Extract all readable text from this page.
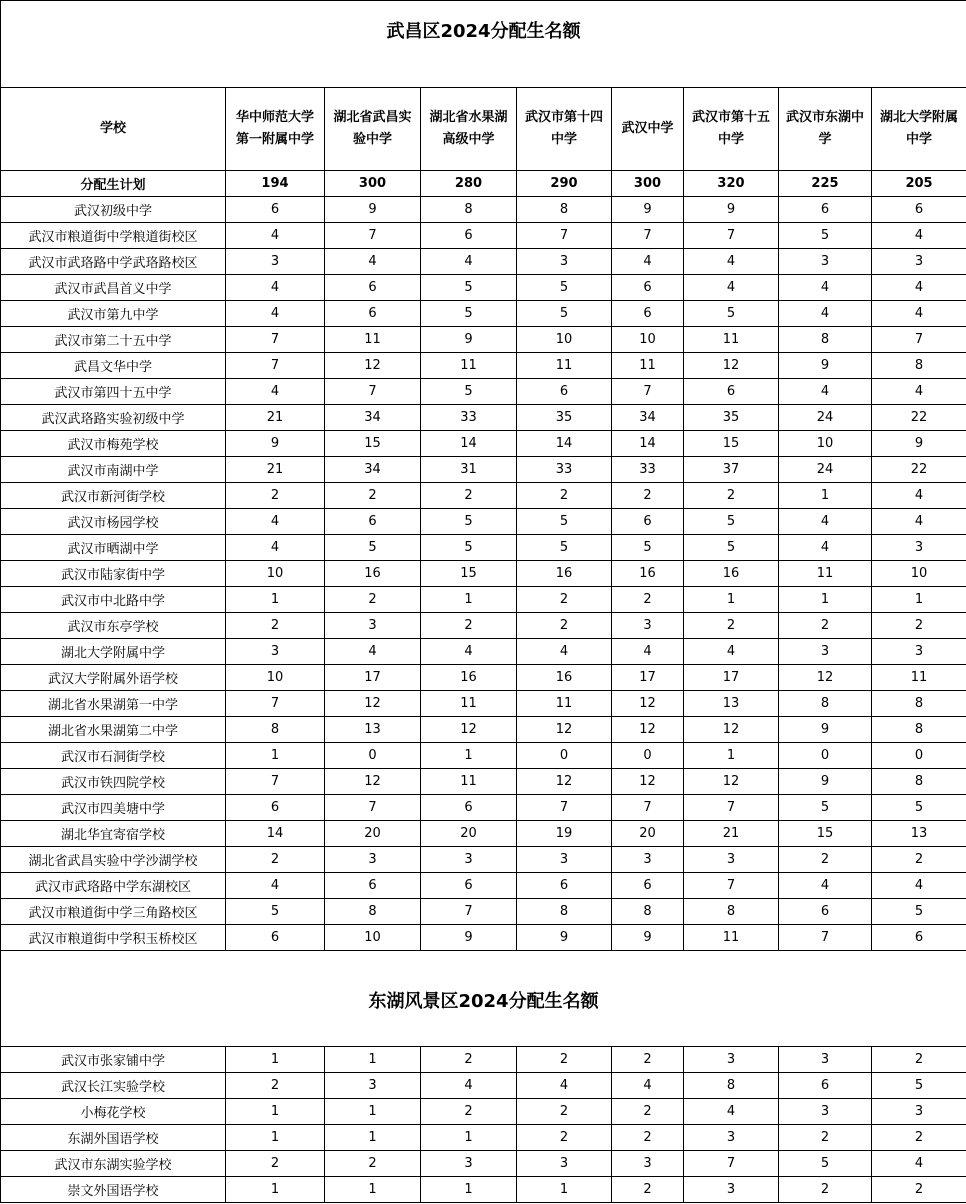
武昌区2024分配生名额								
学校	华中师范大学第一附属中学	湖北省武昌实验中学	湖北省水果湖高级中学	武汉市第十四中学	武汉中学	武汉市第十五中学	武汉市东湖中学	湖北大学附属中学
分配生计划	194	300	280	290	300	320	225	205
武汉初级中学	6	9	8	8	9	9	6	6
武汉市粮道街中学粮道街校区	4	7	6	7	7	7	5	4
武汉市武珞路中学武珞路校区	3	4	4	3	4	4	3	3
武汉市武昌首义中学	4	6	5	5	6	4	4	4
武汉市第九中学	4	6	5	5	6	5	4	4
武汉市第二十五中学	7	11	9	10	10	11	8	7
武昌文华中学	7	12	11	11	11	12	9	8
武汉市第四十五中学	4	7	5	6	7	6	4	4
武汉武珞路实验初级中学	21	34	33	35	34	35	24	22
武汉市梅苑学校	9	15	14	14	14	15	10	9
武汉市南湖中学	21	34	31	33	33	37	24	22
武汉市新河街学校	2	2	2	2	2	2	1	4
武汉市杨园学校	4	6	5	5	6	5	4	4
武汉市晒湖中学	4	5	5	5	5	5	4	3
武汉市陆家街中学	10	16	15	16	16	16	11	10
武汉市中北路中学	1	2	1	2	2	1	1	1
武汉市东亭学校	2	3	2	2	3	2	2	2
湖北大学附属中学	3	4	4	4	4	4	3	3
武汉大学附属外语学校	10	17	16	16	17	17	12	11
湖北省水果湖第一中学	7	12	11	11	12	13	8	8
湖北省水果湖第二中学	8	13	12	12	12	12	9	8
武汉市石洞街学校	1	0	1	0	0	1	0	0
武汉市铁四院学校	7	12	11	12	12	12	9	8
武汉市四美塘中学	6	7	6	7	7	7	5	5
湖北华宜寄宿学校	14	20	20	19	20	21	15	13
湖北省武昌实验中学沙湖学校	2	3	3	3	3	3	2	2
武汉市武珞路中学东湖校区	4	6	6	6	6	7	4	4
武汉市粮道街中学三角路校区	5	8	7	8	8	8	6	5
武汉市粮道街中学积玉桥校区	6	10	9	9	9	11	7	6
东湖风景区2024分配生名额								
武汉市张家铺中学	1	1	2	2	2	3	3	2
武汉长江实验学校	2	3	4	4	4	8	6	5
小梅花学校	1	1	2	2	2	4	3	3
东湖外国语学校	1	1	1	2	2	3	2	2
武汉市东湖实验学校	2	2	3	3	3	7	5	4
崇文外国语学校	1	1	1	1	2	3	2	2
